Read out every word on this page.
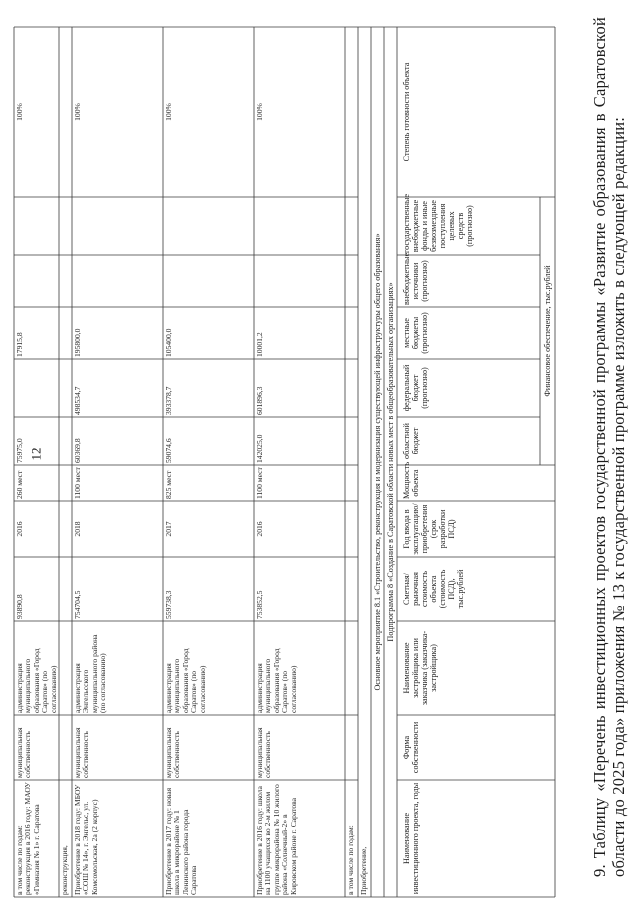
12	9. Таблицу «Перечень инвестиционных проектов государственной программы «Развитие образования в Саратовской области до 2025 года» приложения № 13 к государственной программе изложить в следующей редакции:
Наименование инвестиционного проекта, годы
Форма собственности
Наименование застройщика или заказчика (заказчика-застройщика)
Сметная/рыночная стоимость объекта (стоимость ПСД), тыс.рублей
Год ввода в эксплуатацию/приобретения (срок разработки ПСД)
Мощность объекта
Финансовое обеспечение, тыс.рублей
областной бюджет
федеральный бюджет (прогнозно)
местные бюджеты (прогнозно)
внебюджетные источники (прогнозно)
государственные внебюджетные фонды и иные безвозмездные поступления целевых средств (прогнозно)
Степень готовности объекта
Подпрограмма 8 «Создание в Саратовской области новых мест в общеобразовательных организациях»
Основное мероприятие 8.1 «Строительство, реконструкция и модернизация существующей инфраструктуры общего образования»
Приобретение,
в том числе по годам:
Приобретение в 2016 году: школа на 1100 учащихся во 2-м жилом группе микрорайона № 10 жилого района «Солнечный-2» в Кировском районе г. Саратова
муниципальная собственность
администрация муниципального образования «Город Саратов» (по согласованию)
753852,5
2016
1100 мест
142025,0
601896,3
10001,2
100%
Приобретение в 2017 году: новая школа в микрорайоне № 1 Ленинского района города Саратова
муниципальная собственность
администрация муниципального образования «Город Саратов» (по согласованию)
559738,3
2017
825 мест
59074,6
393378,7
105400,0
100%
Приобретение в 2018 году: МБОУ «СОШ № 14», г. Энгельс, ул. Комсомольская, 2а (2 корпус)
муниципальная собственность
администрация Энгельсского муниципального района (по согласованию)
754704,5
2018
1100 мест
60369,8
498534,7
195800,0
100%
реконструкция,
в том числе по годам: реконструкция в 2016 году: МАОУ «Гимназия № 1» г. Саратова
муниципальная собственность
администрация муниципального образования «Город Саратов» (по согласованию)
93890,8
2016
260 мест
75975,0
17915,8
100%
